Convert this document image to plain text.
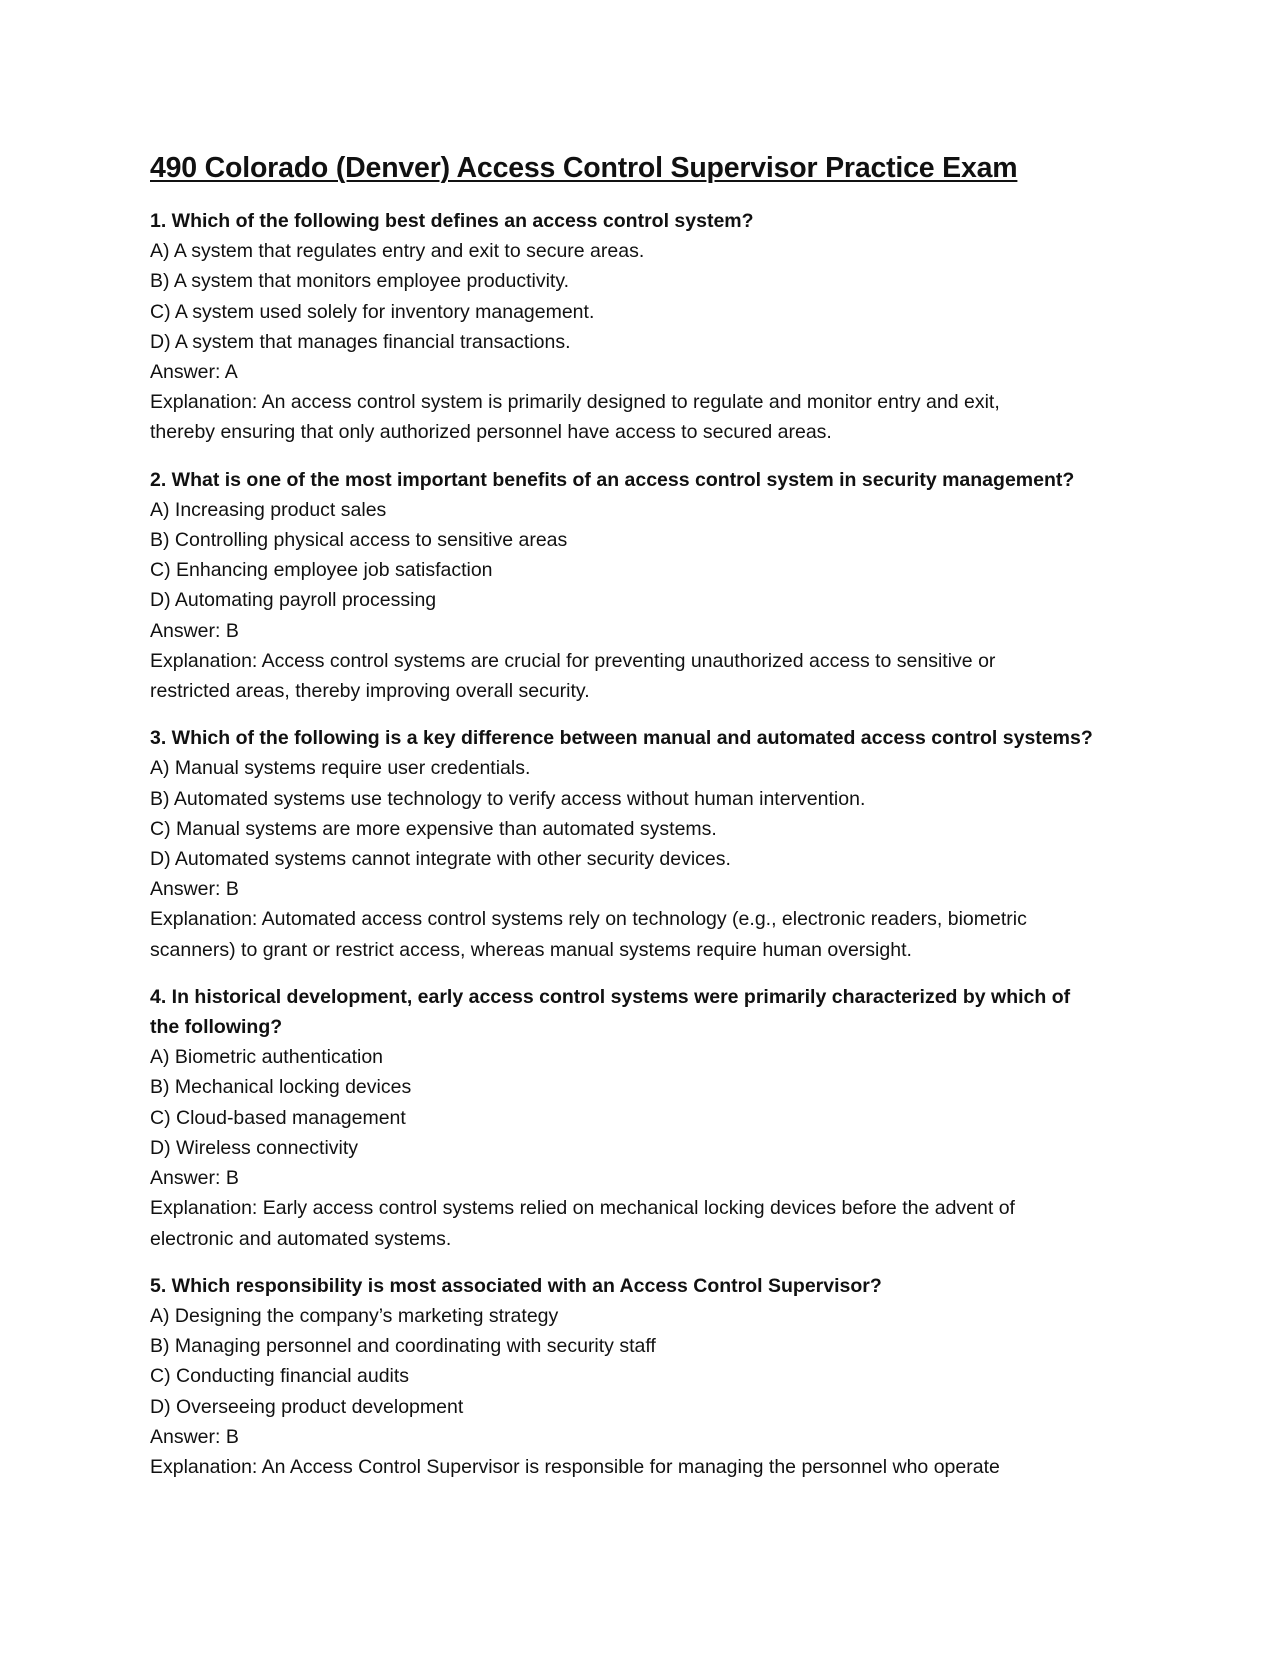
490 Colorado (Denver) Access Control Supervisor Practice Exam
1. Which of the following best defines an access control system?
A) A system that regulates entry and exit to secure areas.
B) A system that monitors employee productivity.
C) A system used solely for inventory management.
D) A system that manages financial transactions.
Answer: A
Explanation: An access control system is primarily designed to regulate and monitor entry and exit,
thereby ensuring that only authorized personnel have access to secured areas.
2. What is one of the most important benefits of an access control system in security management?
A) Increasing product sales
B) Controlling physical access to sensitive areas
C) Enhancing employee job satisfaction
D) Automating payroll processing
Answer: B
Explanation: Access control systems are crucial for preventing unauthorized access to sensitive or
restricted areas, thereby improving overall security.
3. Which of the following is a key difference between manual and automated access control systems?
A) Manual systems require user credentials.
B) Automated systems use technology to verify access without human intervention.
C) Manual systems are more expensive than automated systems.
D) Automated systems cannot integrate with other security devices.
Answer: B
Explanation: Automated access control systems rely on technology (e.g., electronic readers, biometric
scanners) to grant or restrict access, whereas manual systems require human oversight.
4. In historical development, early access control systems were primarily characterized by which of
the following?
A) Biometric authentication
B) Mechanical locking devices
C) Cloud-based management
D) Wireless connectivity
Answer: B
Explanation: Early access control systems relied on mechanical locking devices before the advent of
electronic and automated systems.
5. Which responsibility is most associated with an Access Control Supervisor?
A) Designing the company’s marketing strategy
B) Managing personnel and coordinating with security staff
C) Conducting financial audits
D) Overseeing product development
Answer: B
Explanation: An Access Control Supervisor is responsible for managing the personnel who operate
